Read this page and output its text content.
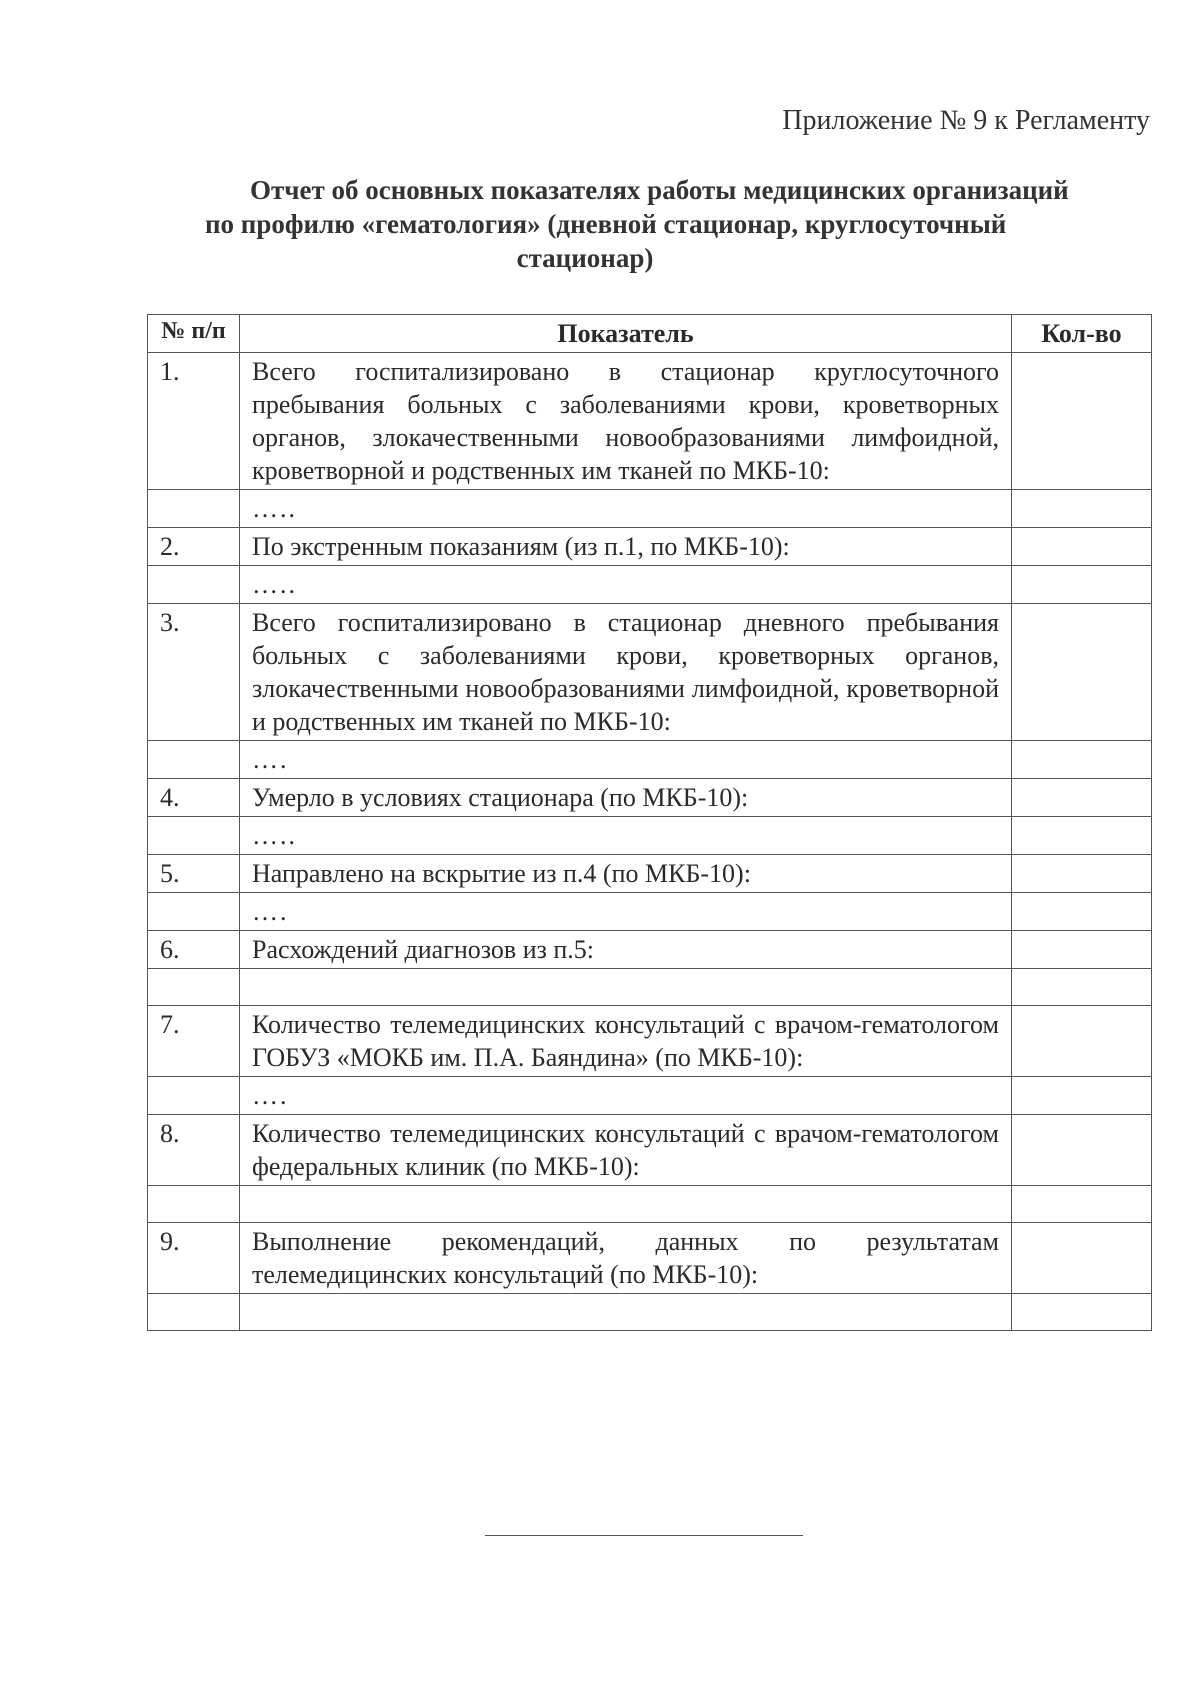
Приложение № 9 к Регламенту
Отчет об основных показателях работы медицинских организаций
по профилю «гематология» (дневной стационар, круглосуточный
стационар)
№ п/п	Показатель	Кол-во
1.	Всего госпитализировано в стационар круглосуточного пребывания больных с заболеваниями крови, кроветворных органов, злокачественными новообразованиями лимфоидной, кроветворной и родственных им тканей по МКБ-10:	
	…..	
2.	По экстренным показаниям (из п.1, по МКБ-10):	
	…..	
3.	Всего госпитализировано в стационар дневного пребывания больных с заболеваниями крови, кроветворных органов, злокачественными новообразованиями лимфоидной, кроветворной и родственных им тканей по МКБ-10:	
	….	
4.	Умерло в условиях стационара (по МКБ-10):	
	…..	
5.	Направлено на вскрытие из п.4 (по МКБ-10):	
	….	
6.	Расхождений диагнозов из п.5:	

7.	Количество телемедицинских консультаций с врачом-гематологом ГОБУЗ «МОКБ им. П.А. Баяндина» (по МКБ-10):	
	….	
8.	Количество телемедицинских консультаций с врачом-гематологом федеральных клиник (по МКБ-10):	

9.	Выполнение рекомендаций, данных по результатам телемедицинских консультаций (по МКБ-10):	
